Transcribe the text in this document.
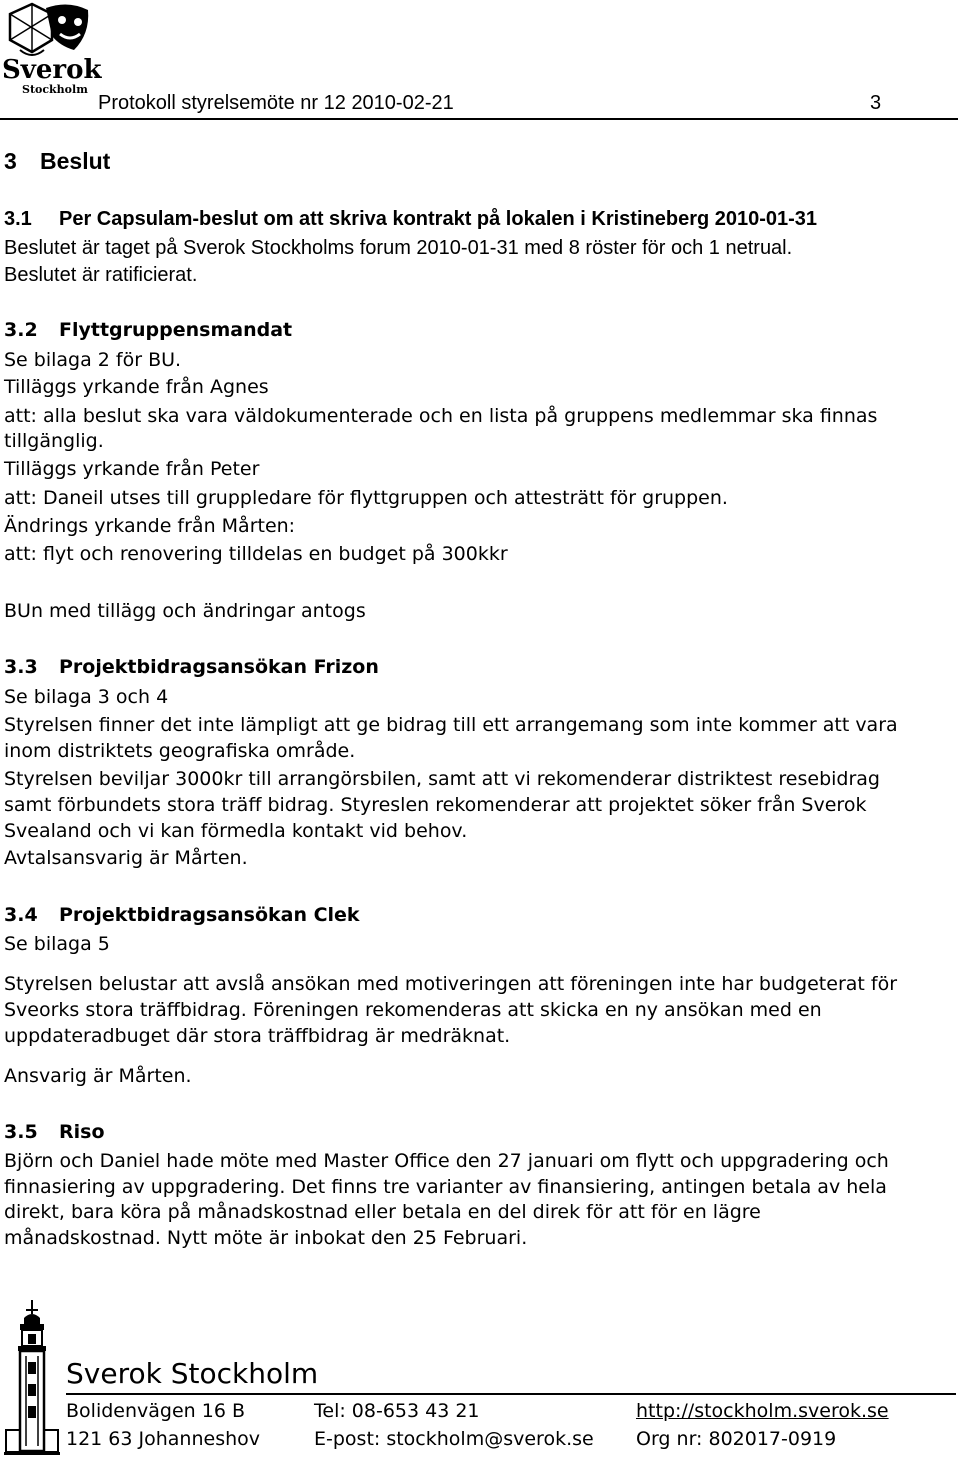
Sverok
Stockholm
Protokoll styrelsemöte nr 12 2010-02-21	3
3 Beslut
3.1 Per Capsulam-beslut om att skriva kontrakt på lokalen i Kristineberg 2010-01-31
Beslutet är taget på Sverok Stockholms forum 2010-01-31 med 8 röster för och 1 netrual.
Beslutet är ratificierat.
3.2 Flyttgruppensmandat
Se bilaga 2 för BU.
Tilläggs yrkande från Agnes
att: alla beslut ska vara väldokumenterade och en lista på gruppens medlemmar ska finnas
tillgänglig.
Tilläggs yrkande från Peter
att: Daneil utses till gruppledare för flyttgruppen och attesträtt för gruppen.
Ändrings yrkande från Mårten:
att: flyt och renovering tilldelas en budget på 300kkr
BUn med tillägg och ändringar antogs
3.3 Projektbidragsansökan Frizon
Se bilaga 3 och 4
Styrelsen finner det inte lämpligt att ge bidrag till ett arrangemang som inte kommer att vara
inom distriktets geografiska område.
Styrelsen beviljar 3000kr till arrangörsbilen, samt att vi rekomenderar distriktest resebidrag
samt förbundets stora träff bidrag. Styreslen rekomenderar att projektet söker från Sverok
Svealand och vi kan förmedla kontakt vid behov.
Avtalsansvarig är Mårten.
3.4 Projektbidragsansökan Clek
Se bilaga 5
Styrelsen belustar att avslå ansökan med motiveringen att föreningen inte har budgeterat för
Sveorks stora träffbidrag. Föreningen rekomenderas att skicka en ny ansökan med en
uppdateradbuget där stora träffbidrag är medräknat.
Ansvarig är Mårten.
3.5 Riso
Björn och Daniel hade möte med Master Office den 27 januari om flytt och uppgradering och
finnasiering av uppgradering. Det finns tre varianter av finansiering, antingen betala av hela
direkt, bara köra på månadskostnad eller betala en del direk för att för en lägre
månadskostnad. Nytt möte är inbokat den 25 Februari.
Sverok Stockholm
Bolidenvägen 16 B
121 63 Johanneshov
Tel: 08-653 43 21
E-post: stockholm@sverok.se
http://stockholm.sverok.se
Org nr: 802017-0919
